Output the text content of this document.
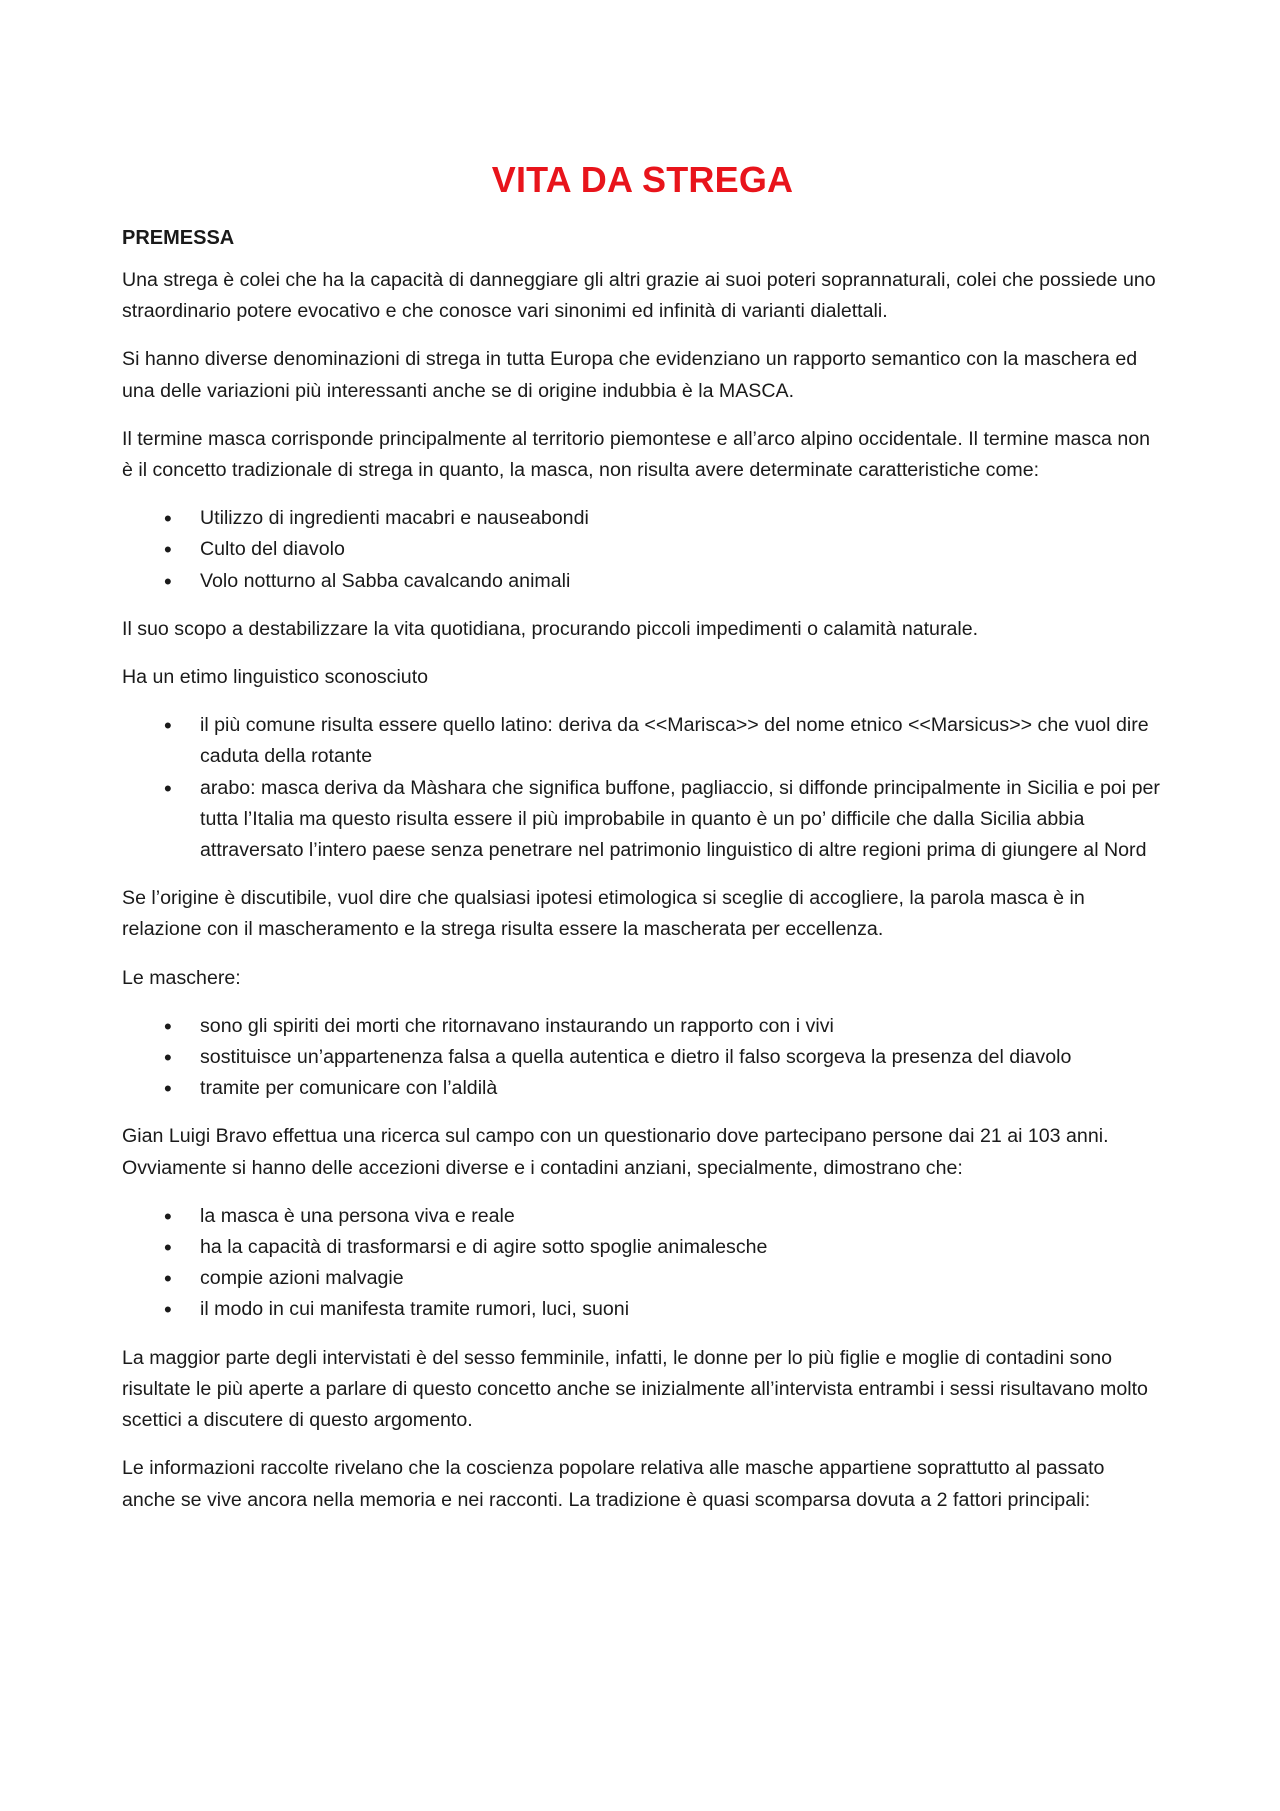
VITA DA STREGA
PREMESSA

Una strega è colei che ha la capacità di danneggiare gli altri grazie ai suoi poteri soprannaturali, colei che possiede uno straordinario potere evocativo e che conosce vari sinonimi ed infinità di varianti dialettali.

Si hanno diverse denominazioni di strega in tutta Europa che evidenziano un rapporto semantico con la maschera ed una delle variazioni più interessanti anche se di origine indubbia è la MASCA.

Il termine masca corrisponde principalmente al territorio piemontese e all’arco alpino occidentale. Il termine masca non è il concetto tradizionale di strega in quanto, la masca, non risulta avere determinate caratteristiche come:

• Utilizzo di ingredienti macabri e nauseabondi
• Culto del diavolo
• Volo notturno al Sabba cavalcando animali

Il suo scopo a destabilizzare la vita quotidiana, procurando piccoli impedimenti o calamità naturale.

Ha un etimo linguistico sconosciuto

• il più comune risulta essere quello latino: deriva da <<Marisca>> del nome etnico <<Marsicus>> che vuol dire caduta della rotante
• arabo: masca deriva da Màshara che significa buffone, pagliaccio, si diffonde principalmente in Sicilia e poi per tutta l’Italia ma questo risulta essere il più improbabile in quanto è un po’ difficile che dalla Sicilia abbia attraversato l’intero paese senza penetrare nel patrimonio linguistico di altre regioni prima di giungere al Nord

Se l’origine è discutibile, vuol dire che qualsiasi ipotesi etimologica si sceglie di accogliere, la parola masca è in relazione con il mascheramento e la strega risulta essere la mascherata per eccellenza.

Le maschere:

• sono gli spiriti dei morti che ritornavano instaurando un rapporto con i vivi
• sostituisce un’appartenenza falsa a quella autentica e dietro il falso scorgeva la presenza del diavolo
• tramite per comunicare con l’aldilà

Gian Luigi Bravo effettua una ricerca sul campo con un questionario dove partecipano persone dai 21 ai 103 anni. Ovviamente si hanno delle accezioni diverse e i contadini anziani, specialmente, dimostrano che:

• la masca è una persona viva e reale
• ha la capacità di trasformarsi e di agire sotto spoglie animalesche
• compie azioni malvagie
• il modo in cui manifesta tramite rumori, luci, suoni

La maggior parte degli intervistati è del sesso femminile, infatti, le donne per lo più figlie e moglie di contadini sono risultate le più aperte a parlare di questo concetto anche se inizialmente all’intervista entrambi i sessi risultavano molto scettici a discutere di questo argomento.

Le informazioni raccolte rivelano che la coscienza popolare relativa alle masche appartiene soprattutto al passato anche se vive ancora nella memoria e nei racconti. La tradizione è quasi scomparsa dovuta a 2 fattori principali:
